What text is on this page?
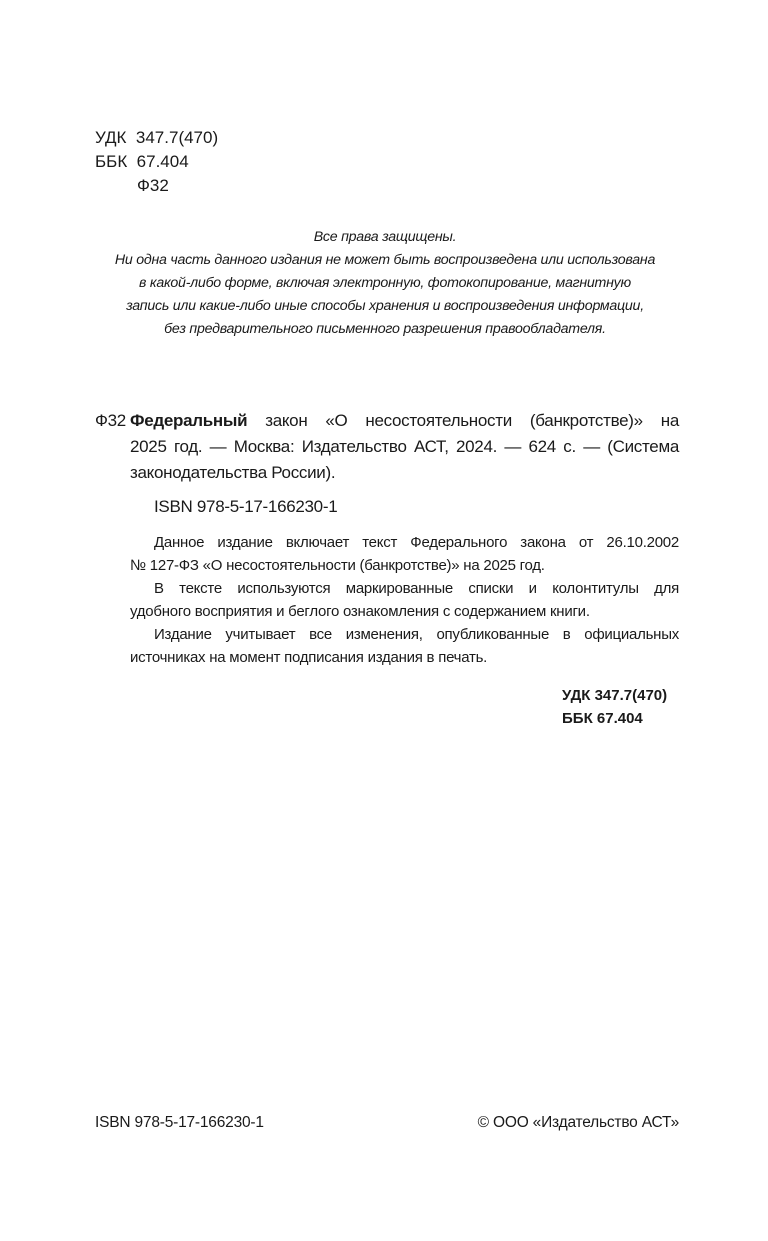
УДК  347.7(470)
ББК  67.404
Ф32
Все права защищены.
Ни одна часть данного издания не может быть воспроизведена или использована
в какой-либо форме, включая электронную, фотокопирование, магнитную
запись или какие-либо иные способы хранения и воспроизведения информации,
без предварительного письменного разрешения правообладателя.
Ф32 Федеральный закон «О несостоятельности (банкротстве)» на
2025 год. — Москва: Издательство АСТ, 2024. — 624 с. — (Система законодательства России).
ISBN 978-5-17-166230-1

Данное издание включает текст Федерального закона от 26.10.2002
№ 127-ФЗ «О несостоятельности (банкротстве)» на 2025 год.

В тексте используются маркированные списки и колонтитулы для
удобного восприятия и беглого ознакомления с содержанием книги.

Издание учитывает все изменения, опубликованные в официальных
источниках на момент подписания издания в печать.

УДК 347.7(470)
ББК 67.404
ISBN 978-5-17-166230-1	© ООО «Издательство АСТ»
